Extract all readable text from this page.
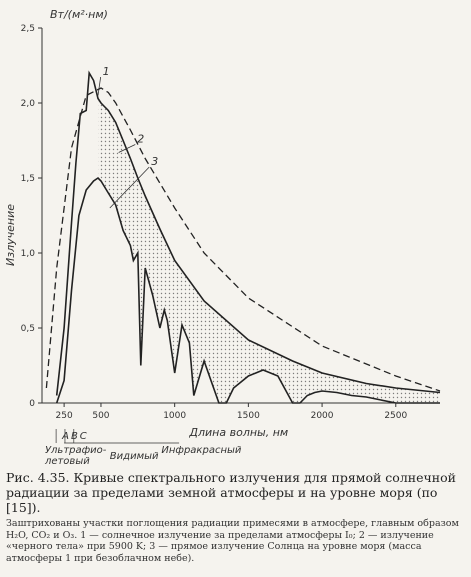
0
0,5
1,0
1,5
2,0
2,5
250 500	1000	1500	2000	2500
1
2
3
Вт/(м²·нм)
Излучение
Длина волны, нм
A B C
Ультрафио-
летовый Видимый
Инфракрасный
Рис. 4.35. Кривые спектрального излучения для прямой солнечной радиации за пределами земной атмосферы и на уровне моря (по [15]).
Заштрихованы участки поглощения радиации примесями в атмосфере, главным образом H₂O, CO₂ и O₃. 1 — солнечное излучение за пределами атмосферы I₀; 2 — излучение «черного тела» при 5900 K; 3 — прямое излучение Солнца на уровне моря (масса атмосферы 1 при безоблачном небе).
